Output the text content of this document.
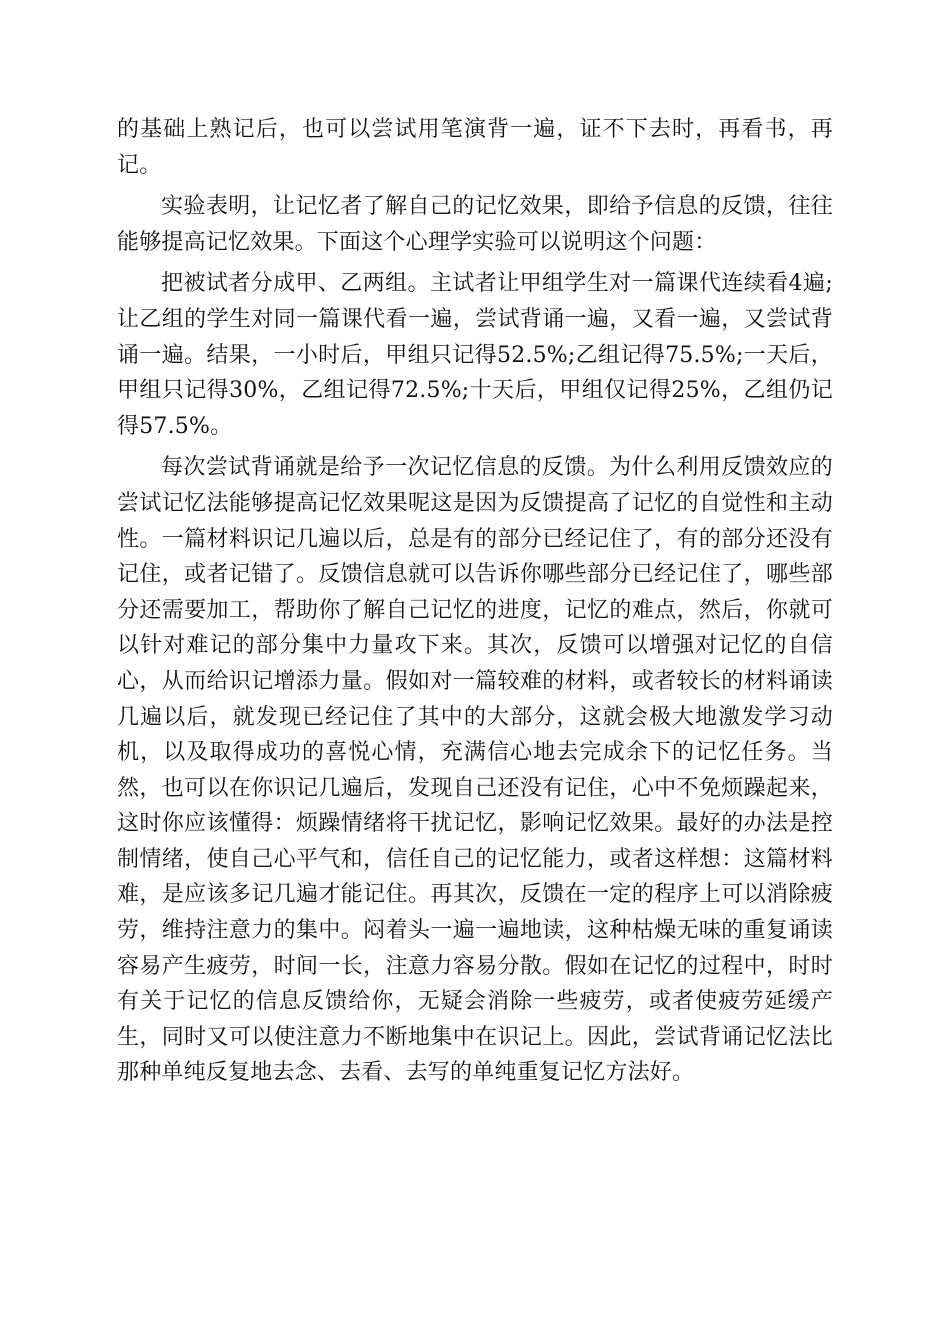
的基础上熟记后，也可以尝试用笔演背一遍，证不下去时，再看书，再记。

实验表明，让记忆者了解自己的记忆效果，即给予信息的反馈，往往能够提高记忆效果。下面这个心理学实验可以说明这个问题：

把被试者分成甲、乙两组。主试者让甲组学生对一篇课代连续看4遍;让乙组的学生对同一篇课代看一遍，尝试背诵一遍，又看一遍，又尝试背诵一遍。结果，一小时后，甲组只记得52.5%;乙组记得75.5%;一天后，甲组只记得30%，乙组记得72.5%;十天后，甲组仅记得25%，乙组仍记得57.5%。

每次尝试背诵就是给予一次记忆信息的反馈。为什么利用反馈效应的尝试记忆法能够提高记忆效果呢这是因为反馈提高了记忆的自觉性和主动性。一篇材料识记几遍以后，总是有的部分已经记住了，有的部分还没有记住，或者记错了。反馈信息就可以告诉你哪些部分已经记住了，哪些部分还需要加工，帮助你了解自己记忆的进度，记忆的难点，然后，你就可以针对难记的部分集中力量攻下来。其次，反馈可以增强对记忆的自信心，从而给识记增添力量。假如对一篇较难的材料，或者较长的材料诵读几遍以后，就发现已经记住了其中的大部分，这就会极大地激发学习动机，以及取得成功的喜悦心情，充满信心地去完成余下的记忆任务。当然，也可以在你识记几遍后，发现自己还没有记住，心中不免烦躁起来，这时你应该懂得：烦躁情绪将干扰记忆，影响记忆效果。最好的办法是控制情绪，使自己心平气和，信任自己的记忆能力，或者这样想：这篇材料难，是应该多记几遍才能记住。再其次，反馈在一定的程序上可以消除疲劳，维持注意力的集中。闷着头一遍一遍地读，这种枯燥无味的重复诵读容易产生疲劳，时间一长，注意力容易分散。假如在记忆的过程中，时时有关于记忆的信息反馈给你，无疑会消除一些疲劳，或者使疲劳延缓产生，同时又可以使注意力不断地集中在识记上。因此，尝试背诵记忆法比那种单纯反复地去念、去看、去写的单纯重复记忆方法好。
